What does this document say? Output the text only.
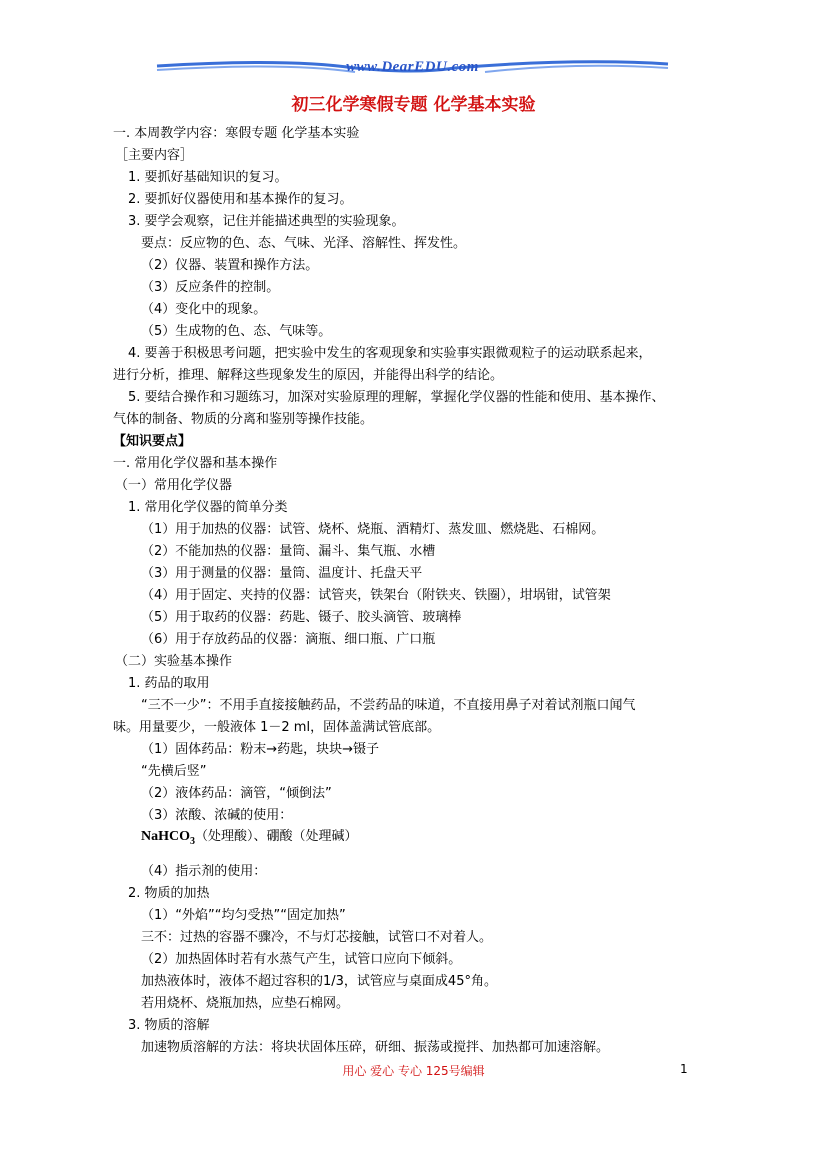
www.DearEDU.com
初三化学寒假专题 化学基本实验
一. 本周教学内容：寒假专题 化学基本实验
［主要内容］
1. 要抓好基础知识的复习。
2. 要抓好仪器使用和基本操作的复习。
3. 要学会观察，记住并能描述典型的实验现象。
要点：反应物的色、态、气味、光泽、溶解性、挥发性。
（2）仪器、装置和操作方法。
（3）反应条件的控制。
（4）变化中的现象。
（5）生成物的色、态、气味等。
4. 要善于积极思考问题，把实验中发生的客观现象和实验事实跟微观粒子的运动联系起来，
进行分析，推理、解释这些现象发生的原因，并能得出科学的结论。
5. 要结合操作和习题练习，加深对实验原理的理解，掌握化学仪器的性能和使用、基本操作、
气体的制备、物质的分离和鉴别等操作技能。
【知识要点】
一. 常用化学仪器和基本操作
（一）常用化学仪器
1. 常用化学仪器的简单分类
（1）用于加热的仪器：试管、烧杯、烧瓶、酒精灯、蒸发皿、燃烧匙、石棉网。
（2）不能加热的仪器：量筒、漏斗、集气瓶、水槽
（3）用于测量的仪器：量筒、温度计、托盘天平
（4）用于固定、夹持的仪器：试管夹，铁架台（附铁夹、铁圈），坩埚钳，试管架
（5）用于取药的仪器：药匙、镊子、胶头滴管、玻璃棒
（6）用于存放药品的仪器：滴瓶、细口瓶、广口瓶
（二）实验基本操作
1. 药品的取用
“三不一少”：不用手直接接触药品，不尝药品的味道，不直接用鼻子对着试剂瓶口闻气
味。用量要少，一般液体 1－2 ml，固体盖满试管底部。
（1）固体药品：粉末→药匙，块块→镊子
“先横后竖”
（2）液体药品：滴管，“倾倒法”
（3）浓酸、浓碱的使用：
NaHCO$_3$（处理酸）、硼酸（处理碱）
（4）指示剂的使用：
2. 物质的加热
（1）“外焰”“均匀受热”“固定加热”
三不：过热的容器不骤冷，不与灯芯接触，试管口不对着人。
（2）加热固体时若有水蒸气产生，试管口应向下倾斜。
加热液体时，液体不超过容积的1/3，试管应与桌面成45°角。
若用烧杯、烧瓶加热，应垫石棉网。
3. 物质的溶解
加速物质溶解的方法：将块状固体压碎，研细、振荡或搅拌、加热都可加速溶解。
用心 爱心 专心 125号编辑	1
